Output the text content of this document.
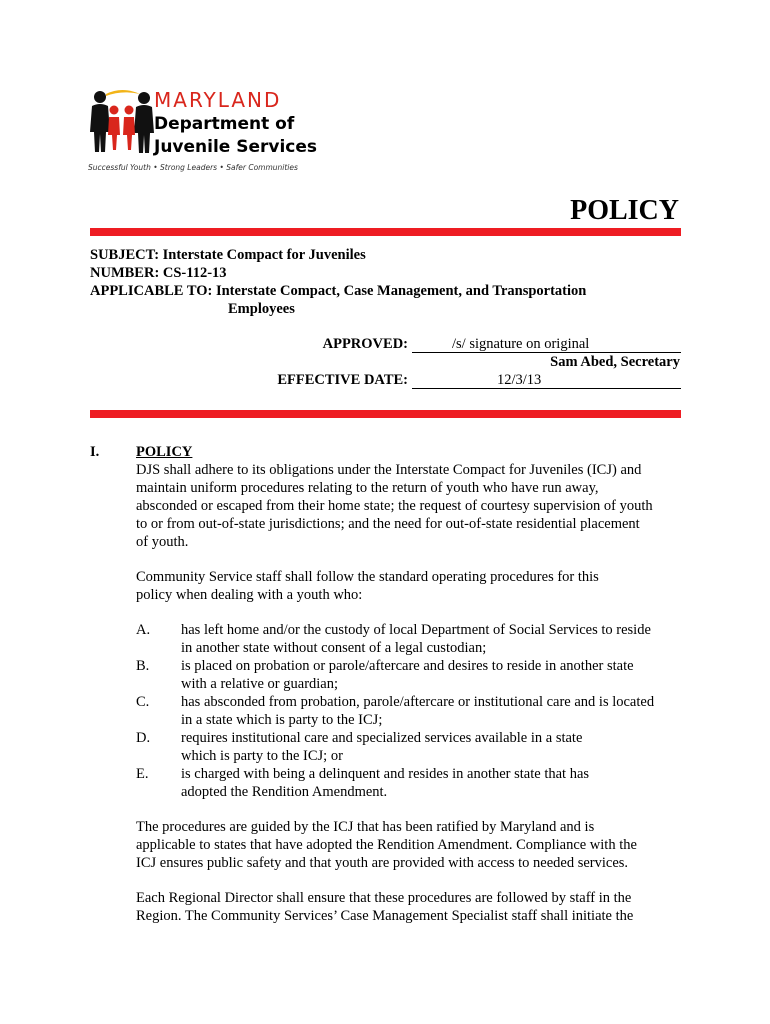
MARYLAND
Department of
Juvenile Services
Successful Youth • Strong Leaders • Safer Communities
POLICY
SUBJECT: Interstate Compact for Juveniles
NUMBER: CS-112-13
APPLICABLE TO: Interstate Compact, Case Management, and Transportation
Employees
APPROVED:	/s/ signature on original
Sam Abed, Secretary
EFFECTIVE DATE:	12/3/13
I.	POLICY
DJS shall adhere to its obligations under the Interstate Compact for Juveniles (ICJ) and
maintain uniform procedures relating to the return of youth who have run away,
absconded or escaped from their home state; the request of courtesy supervision of youth
to or from out-of-state jurisdictions; and the need for out-of-state residential placement
of youth.
Community Service staff shall follow the standard operating procedures for this
policy when dealing with a youth who:
A. has left home and/or the custody of local Department of Social Services to reside
in another state without consent of a legal custodian;
B. is placed on probation or parole/aftercare and desires to reside in another state
with a relative or guardian;
C. has absconded from probation, parole/aftercare or institutional care and is located
in a state which is party to the ICJ;
D. requires institutional care and specialized services available in a state
which is party to the ICJ; or
E. is charged with being a delinquent and resides in another state that has
adopted the Rendition Amendment.
The procedures are guided by the ICJ that has been ratified by Maryland and is
applicable to states that have adopted the Rendition Amendment. Compliance with the
ICJ ensures public safety and that youth are provided with access to needed services.
Each Regional Director shall ensure that these procedures are followed by staff in the
Region. The Community Services’ Case Management Specialist staff shall initiate the
